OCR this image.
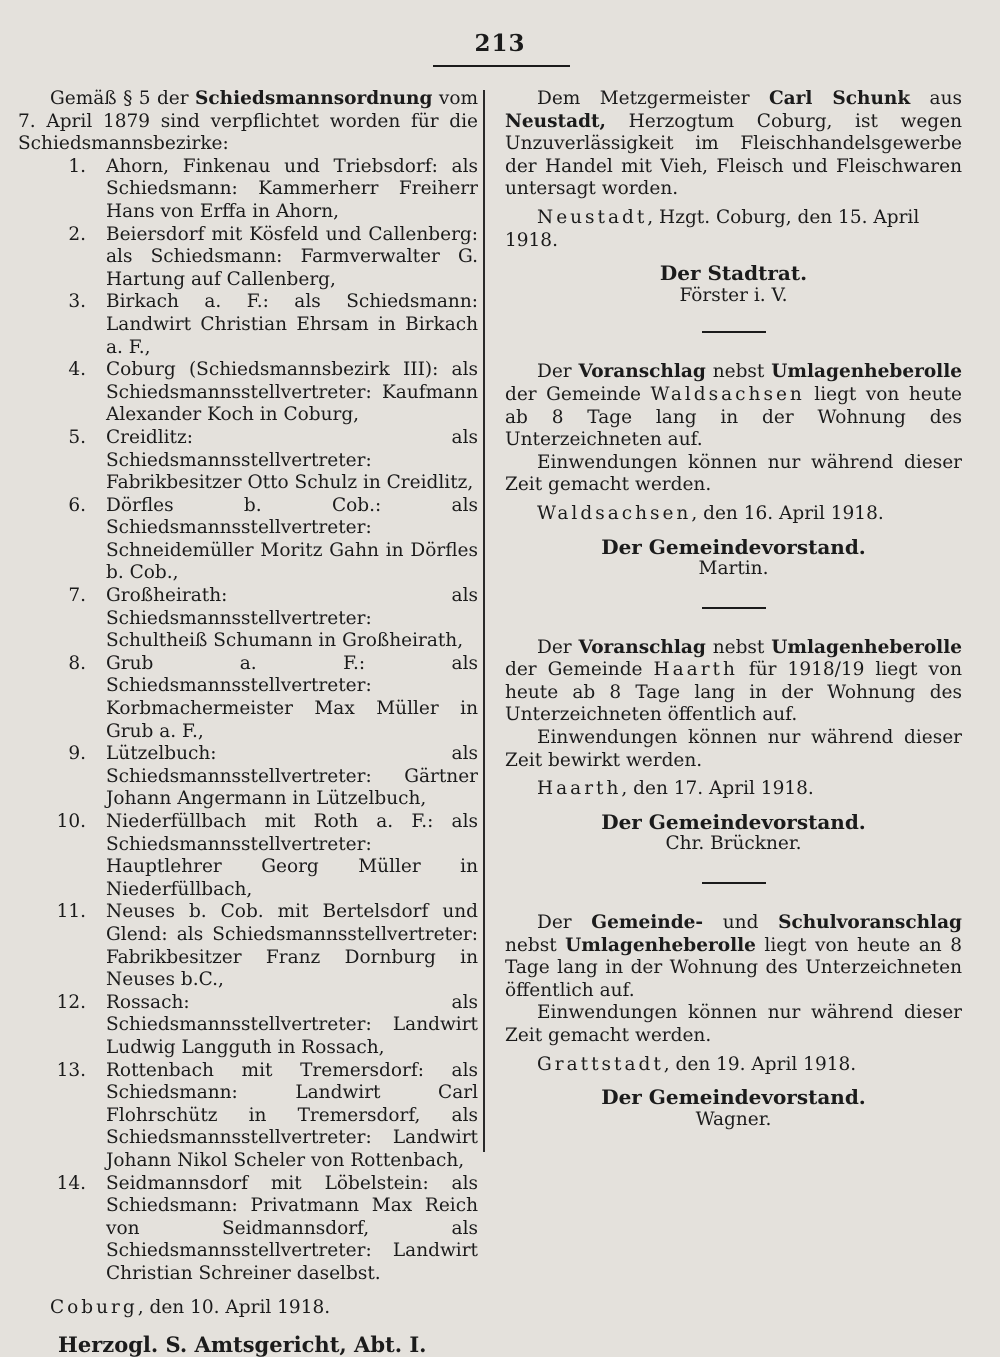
213

Gemäß § 5 der Schiedsmannsordnung vom 7. April 1879 sind verpflichtet worden für die Schiedsmannsbezirke:

1. Ahorn, Finkenau und Triebsdorf: als Schiedsmann: Kammerherr Freiherr Hans von Erffa in Ahorn,
2. Beiersdorf mit Kösfeld und Callenberg: als Schiedsmann: Farmverwalter G. Hartung auf Callenberg,
3. Birkach a. F.: als Schiedsmann: Landwirt Christian Ehrsam in Birkach a. F.,
4. Coburg (Schiedsmannsbezirk III): als Schiedsmannsstellvertreter: Kaufmann Alexander Koch in Coburg,
5. Creidlitz: als Schiedsmannsstellvertreter: Fabrikbesitzer Otto Schulz in Creidlitz,
6. Dörfles b. Cob.: als Schiedsmannsstellvertreter: Schneidemüller Moritz Gahn in Dörfles b. Cob.,
7. Großheirath: als Schiedsmannsstellvertreter: Schultheiß Schumann in Großheirath,
8. Grub a. F.: als Schiedsmannsstellvertreter: Korbmachermeister Max Müller in Grub a. F.,
9. Lützelbuch: als Schiedsmannsstellvertreter: Gärtner Johann Angermann in Lützelbuch,
10. Niederfüllbach mit Roth a. F.: als Schiedsmannsstellvertreter: Hauptlehrer Georg Müller in Niederfüllbach,
11. Neuses b. Cob. mit Bertelsdorf und Glend: als Schiedsmannsstellvertreter: Fabrikbesitzer Franz Dornburg in Neuses b.C.,
12. Rossach: als Schiedsmannsstellvertreter: Landwirt Ludwig Langguth in Rossach,
13. Rottenbach mit Tremersdorf: als Schiedsmann: Landwirt Carl Flohrschütz in Tremersdorf, als Schiedsmannsstellvertreter: Landwirt Johann Nikol Scheler von Rottenbach,
14. Seidmannsdorf mit Löbelstein: als Schiedsmann: Privatmann Max Reich von Seidmannsdorf, als Schiedsmannsstellvertreter: Landwirt Christian Schreiner daselbst.

Coburg, den 10. April 1918.

Herzogl. S. Amtsgericht, Abt. I.

Dem Metzgermeister Carl Schunk aus Neustadt, Herzogtum Coburg, ist wegen Unzuverlässigkeit im Fleischhandelsgewerbe der Handel mit Vieh, Fleisch und Fleischwaren untersagt worden.

Neustadt, Hzgt. Coburg, den 15. April 1918.

Der Stadtrat.

Förster i. V.

Der Voranschlag nebst Umlagenheberolle der Gemeinde Waldsachsen liegt von heute ab 8 Tage lang in der Wohnung des Unterzeichneten auf.

Einwendungen können nur während dieser Zeit gemacht werden.

Waldsachsen, den 16. April 1918.

Der Gemeindevorstand.

Martin.

Der Voranschlag nebst Umlagenheberolle der Gemeinde Haarth für 1918/19 liegt von heute ab 8 Tage lang in der Wohnung des Unterzeichneten öffentlich auf.

Einwendungen können nur während dieser Zeit bewirkt werden.

Haarth, den 17. April 1918.

Der Gemeindevorstand.

Chr. Brückner.

Der Gemeinde- und Schulvoranschlag nebst Umlagenheberolle liegt von heute an 8 Tage lang in der Wohnung des Unterzeichneten öffentlich auf.

Einwendungen können nur während dieser Zeit gemacht werden.

Grattstadt, den 19. April 1918.

Der Gemeindevorstand.

Wagner.
